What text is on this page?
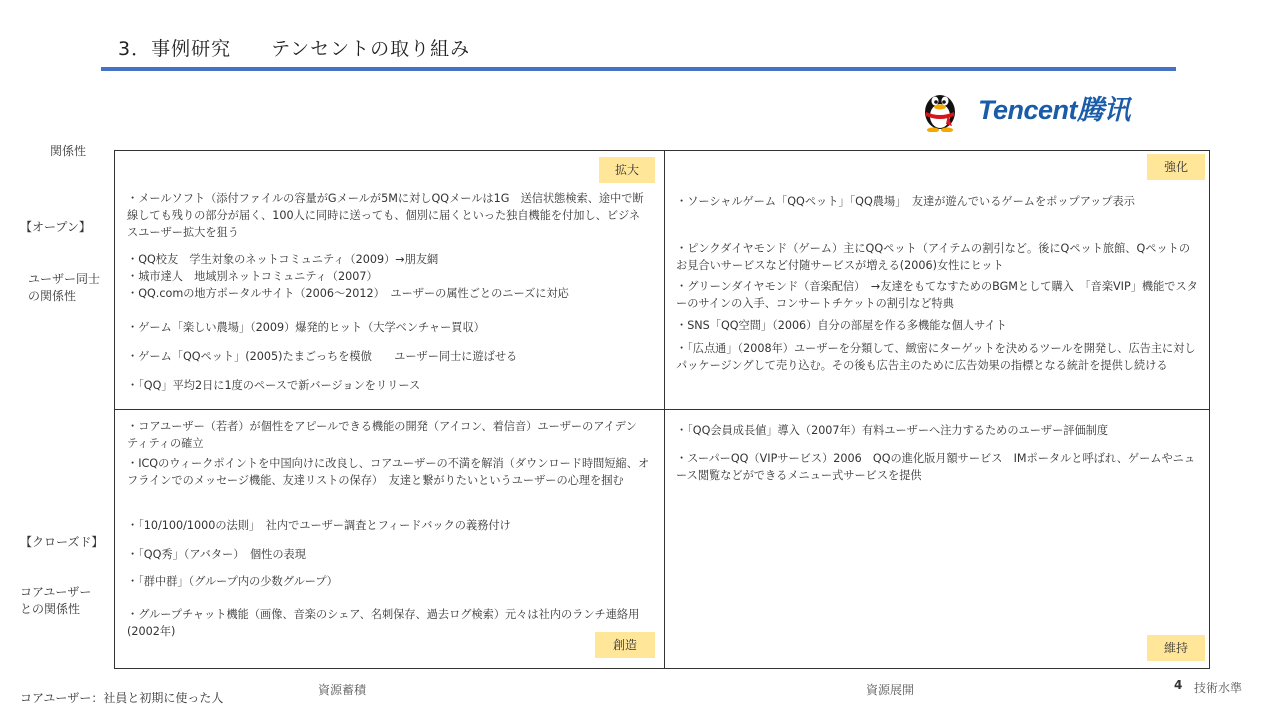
3．事例研究　　テンセントの取り組み
Tencent腾讯
関係性
【オープン】
ユーザー同士の関係性
【クローズド】
コアユーザーとの関係性
拡大	強化
創造	維持
・メールソフト（添付ファイルの容量がGメールが5Mに対しQQメールは1G　送信状態検索、途中で断線しても残りの部分が届く、100人に同時に送っても、個別に届くといった独自機能を付加し、ビジネスユーザー拡大を狙う
・QQ校友　学生対象のネットコミュニティ（2009）→朋友網
・城市達人　地域別ネットコミュニティ（2007）
・QQ.comの地方ポータルサイト（2006～2012）　ユーザーの属性ごとのニーズに対応
・ゲーム「楽しい農場」（2009）爆発的ヒット（大学ベンチャー買収）
・ゲーム「QQペット」(2005)たまごっちを模倣　　ユーザー同士に遊ばせる
・「QQ」平均2日に1度のペースで新バージョンをリリース
・ソーシャルゲーム「QQペット」「QQ農場」　友達が遊んでいるゲームをポップアップ表示
・ピンクダイヤモンド（ゲーム）主にQQペット（アイテムの割引など。後にQペット旅館、Qペットのお見合いサービスなど付随サービスが増える(2006)女性にヒット
・グリーンダイヤモンド（音楽配信）　→友達をもてなすためのBGMとして購入　「音楽VIP」機能でスターのサインの入手、コンサートチケットの割引など特典
・SNS「QQ空間」（2006）自分の部屋を作る多機能な個人サイト
・「広点通」（2008年）ユーザーを分類して、緻密にターゲットを決めるツールを開発し、広告主に対しパッケージングして売り込む。その後も広告主のために広告効果の指標となる統計を提供し続ける
・コアユーザー（若者）が個性をアピールできる機能の開発（アイコン、着信音）ユーザーのアイデンティティの確立
・ICQのウィークポイントを中国向けに改良し、コアユーザーの不満を解消（ダウンロード時間短縮、オフラインでのメッセージ機能、友達リストの保存）　友達と繋がりたいというユーザーの心理を掴む
・「10/100/1000の法則」　社内でユーザー調査とフィードバックの義務付け
・「QQ秀」（アバター）　個性の表現
・「群中群」（グループ内の少数グループ）
・グループチャット機能（画像、音楽のシェア、名刺保存、過去ログ検索）元々は社内のランチ連絡用(2002年)
・「QQ会員成長値」導入（2007年）有料ユーザーへ注力するためのユーザー評価制度
・スーパーQQ（VIPサービス）2006　QQの進化版月額サービス　IMポータルと呼ばれ、ゲームやニュース閲覧などができるメニュー式サービスを提供
資源蓄積	資源展開
コアユーザー：社員と初期に使った人
4 技術水準
